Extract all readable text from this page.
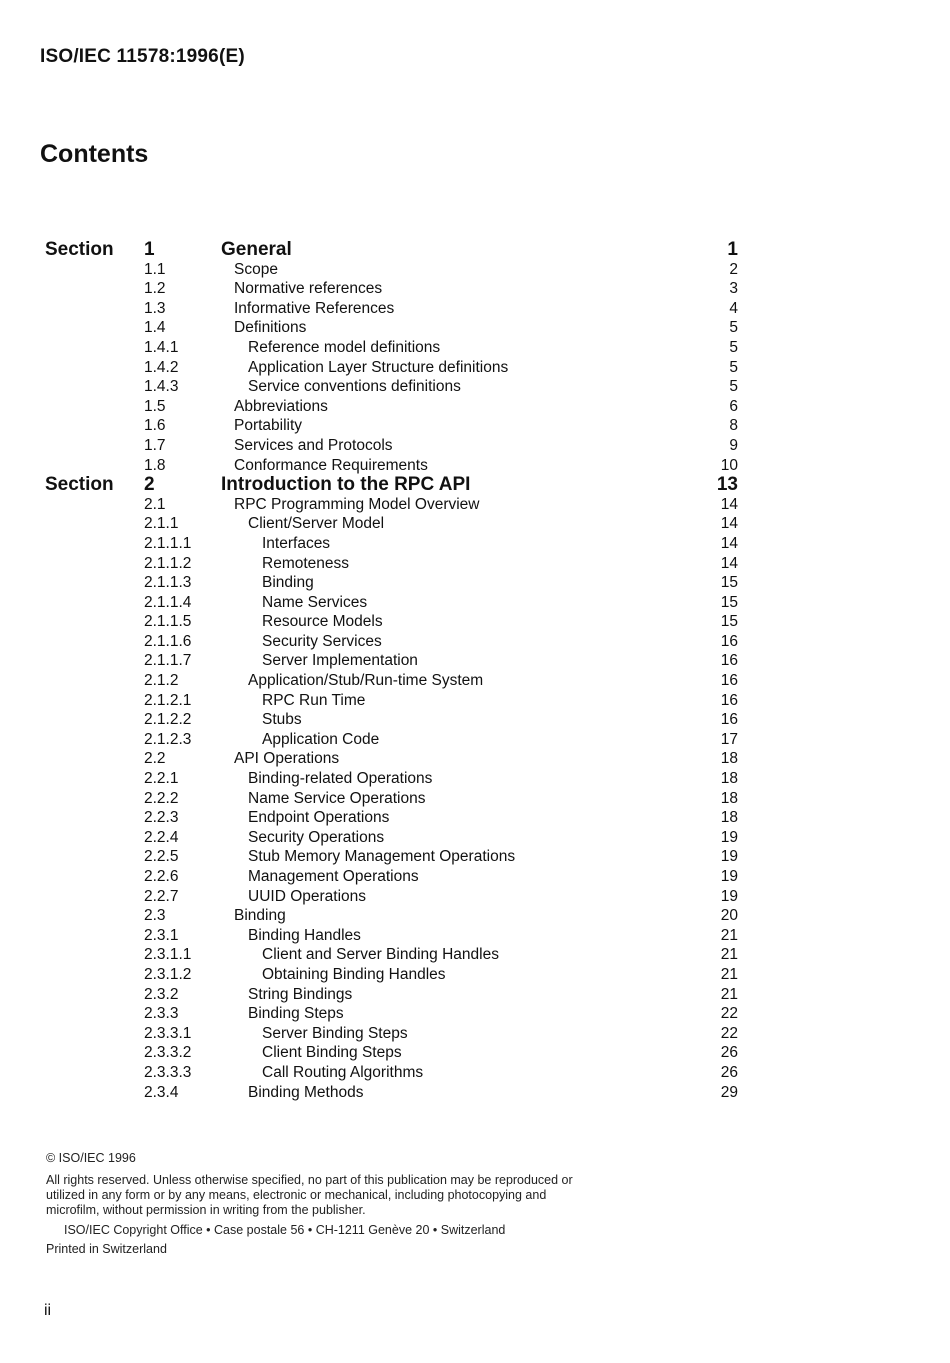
ISO/IEC 11578:1996(E)
Contents
Section 1	General	1
1.1	Scope	2
1.2	Normative references	3
1.3	Informative References	4
1.4	Definitions	5
1.4.1	Reference model definitions	5
1.4.2	Application Layer Structure definitions	5
1.4.3	Service conventions definitions	5
1.5	Abbreviations	6
1.6	Portability	8
1.7	Services and Protocols	9
1.8	Conformance Requirements	10
Section 2	Introduction to the RPC API	13
2.1	RPC Programming Model Overview	14
2.1.1	Client/Server Model	14
2.1.1.1	Interfaces	14
2.1.1.2	Remoteness	14
2.1.1.3	Binding	15
2.1.1.4	Name Services	15
2.1.1.5	Resource Models	15
2.1.1.6	Security Services	16
2.1.1.7	Server Implementation	16
2.1.2	Application/Stub/Run-time System	16
2.1.2.1	RPC Run Time	16
2.1.2.2	Stubs	16
2.1.2.3	Application Code	17
2.2	API Operations	18
2.2.1	Binding-related Operations	18
2.2.2	Name Service Operations	18
2.2.3	Endpoint Operations	18
2.2.4	Security Operations	19
2.2.5	Stub Memory Management Operations	19
2.2.6	Management Operations	19
2.2.7	UUID Operations	19
2.3	Binding	20
2.3.1	Binding Handles	21
2.3.1.1	Client and Server Binding Handles	21
2.3.1.2	Obtaining Binding Handles	21
2.3.2	String Bindings	21
2.3.3	Binding Steps	22
2.3.3.1	Server Binding Steps	22
2.3.3.2	Client Binding Steps	26
2.3.3.3	Call Routing Algorithms	26
2.3.4	Binding Methods	29
© ISO/IEC 1996
All rights reserved. Unless otherwise specified, no part of this publication may be reproduced or utilized in any form or by any means, electronic or mechanical, including photocopying and microfilm, without permission in writing from the publisher.
ISO/IEC Copyright Office • Case postale 56 • CH-1211 Genève 20 • Switzerland
Printed in Switzerland
ii
